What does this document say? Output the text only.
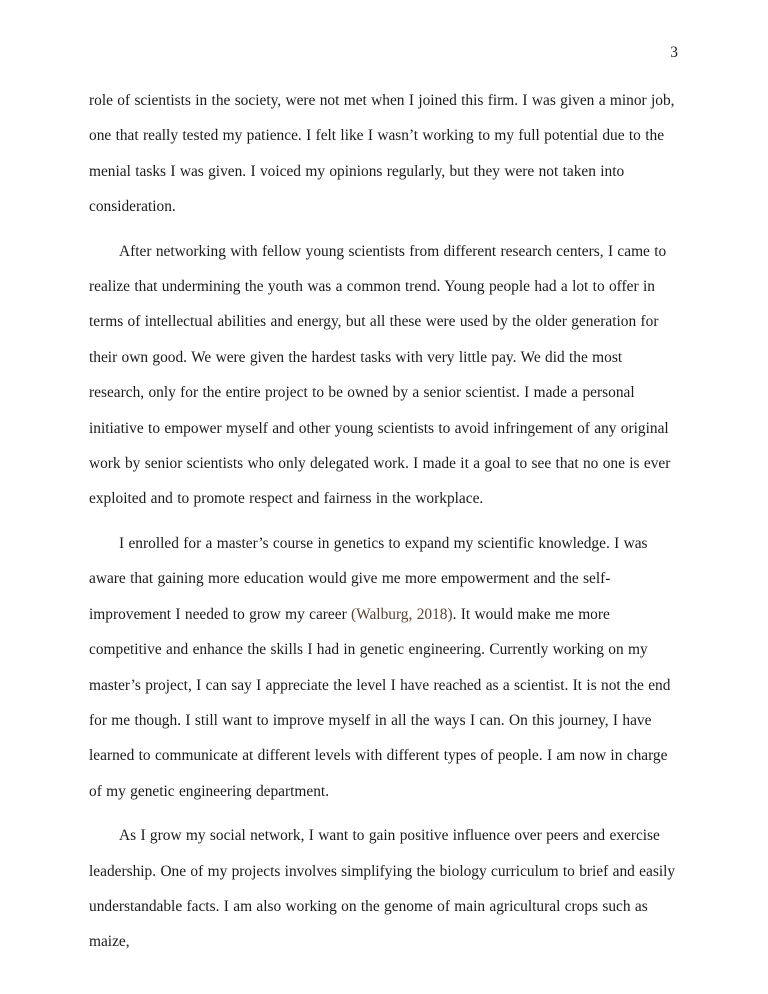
3

role of scientists in the society, were not met when I joined this firm. I was given a minor job, one that really tested my patience. I felt like I wasn’t working to my full potential due to the menial tasks I was given. I voiced my opinions regularly, but they were not taken into consideration.

After networking with fellow young scientists from different research centers, I came to realize that undermining the youth was a common trend. Young people had a lot to offer in terms of intellectual abilities and energy, but all these were used by the older generation for their own good. We were given the hardest tasks with very little pay. We did the most research, only for the entire project to be owned by a senior scientist. I made a personal initiative to empower myself and other young scientists to avoid infringement of any original work by senior scientists who only delegated work. I made it a goal to see that no one is ever exploited and to promote respect and fairness in the workplace.

I enrolled for a master’s course in genetics to expand my scientific knowledge. I was aware that gaining more education would give me more empowerment and the self-improvement I needed to grow my career (Walburg, 2018). It would make me more competitive and enhance the skills I had in genetic engineering. Currently working on my master’s project, I can say I appreciate the level I have reached as a scientist. It is not the end for me though. I still want to improve myself in all the ways I can. On this journey, I have learned to communicate at different levels with different types of people. I am now in charge of my genetic engineering department.

As I grow my social network, I want to gain positive influence over peers and exercise leadership. One of my projects involves simplifying the biology curriculum to brief and easily understandable facts. I am also working on the genome of main agricultural crops such as maize,
